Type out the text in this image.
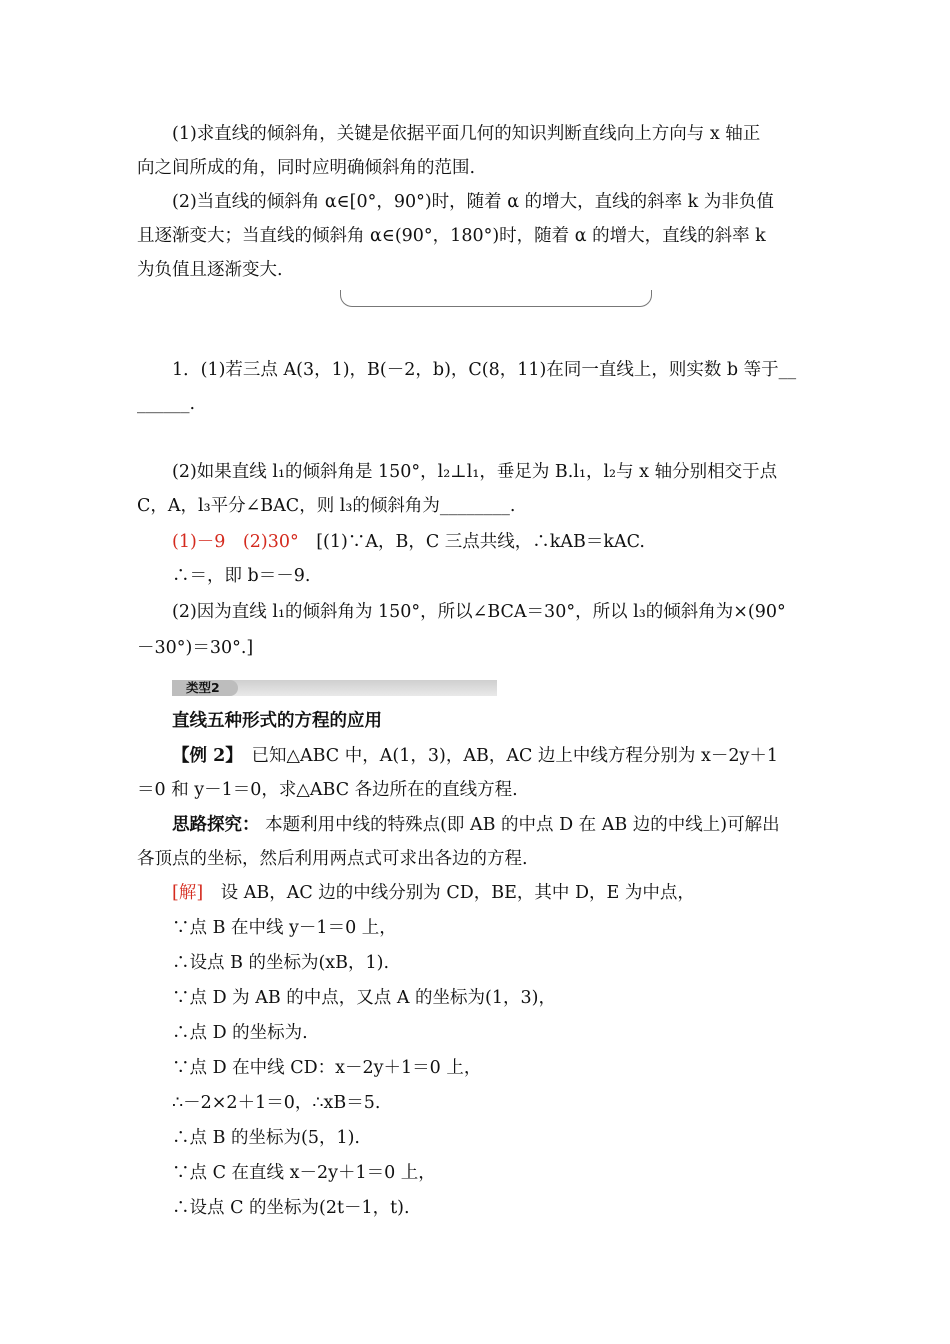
(1)求直线的倾斜角，关键是依据平面几何的知识判断直线向上方向与 x 轴正
向之间所成的角，同时应明确倾斜角的范围.
(2)当直线的倾斜角 α∈[0°，90°)时，随着 α 的增大，直线的斜率 k 为非负值
且逐渐变大；当直线的倾斜角 α∈(90°，180°)时，随着 α 的增大，直线的斜率 k
为负值且逐渐变大.
1．(1)若三点 A(3，1)，B(－2，b)，C(8，11)在同一直线上，则实数 b 等于__
______.
(2)如果直线 l₁的倾斜角是 150°，l₂⊥l₁，垂足为 B.l₁，l₂与 x 轴分别相交于点
C，A，l₃平分∠BAC，则 l₃的倾斜角为________.
(1)－9　(2)30°　 [(1)∵A，B，C 三点共线，∴kAB＝kAC.
∴＝，即 b＝－9.
(2)因为直线 l₁的倾斜角为 150°，所以∠BCA＝30°，所以 l₃的倾斜角为×(90°
－30°)＝30°.]
类型2
直线五种形式的方程的应用
【例 2】　已知△ABC 中，A(1，3)，AB，AC 边上中线方程分别为 x－2y＋1
＝0 和 y－1＝0，求△ABC 各边所在的直线方程.
思路探究： 本题利用中线的特殊点(即 AB 的中点 D 在 AB 边的中线上)可解出
各顶点的坐标，然后利用两点式可求出各边的方程.
[解]　设 AB，AC 边的中线分别为 CD，BE，其中 D，E 为中点，
∵点 B 在中线 y－1＝0 上，
∴设点 B 的坐标为(xB，1).
∵点 D 为 AB 的中点，又点 A 的坐标为(1，3)，
∴点 D 的坐标为.
∵点 D 在中线 CD：x－2y＋1＝0 上，
∴－2×2＋1＝0，∴xB＝5.
∴点 B 的坐标为(5，1).
∵点 C 在直线 x－2y＋1＝0 上，
∴设点 C 的坐标为(2t－1，t).
